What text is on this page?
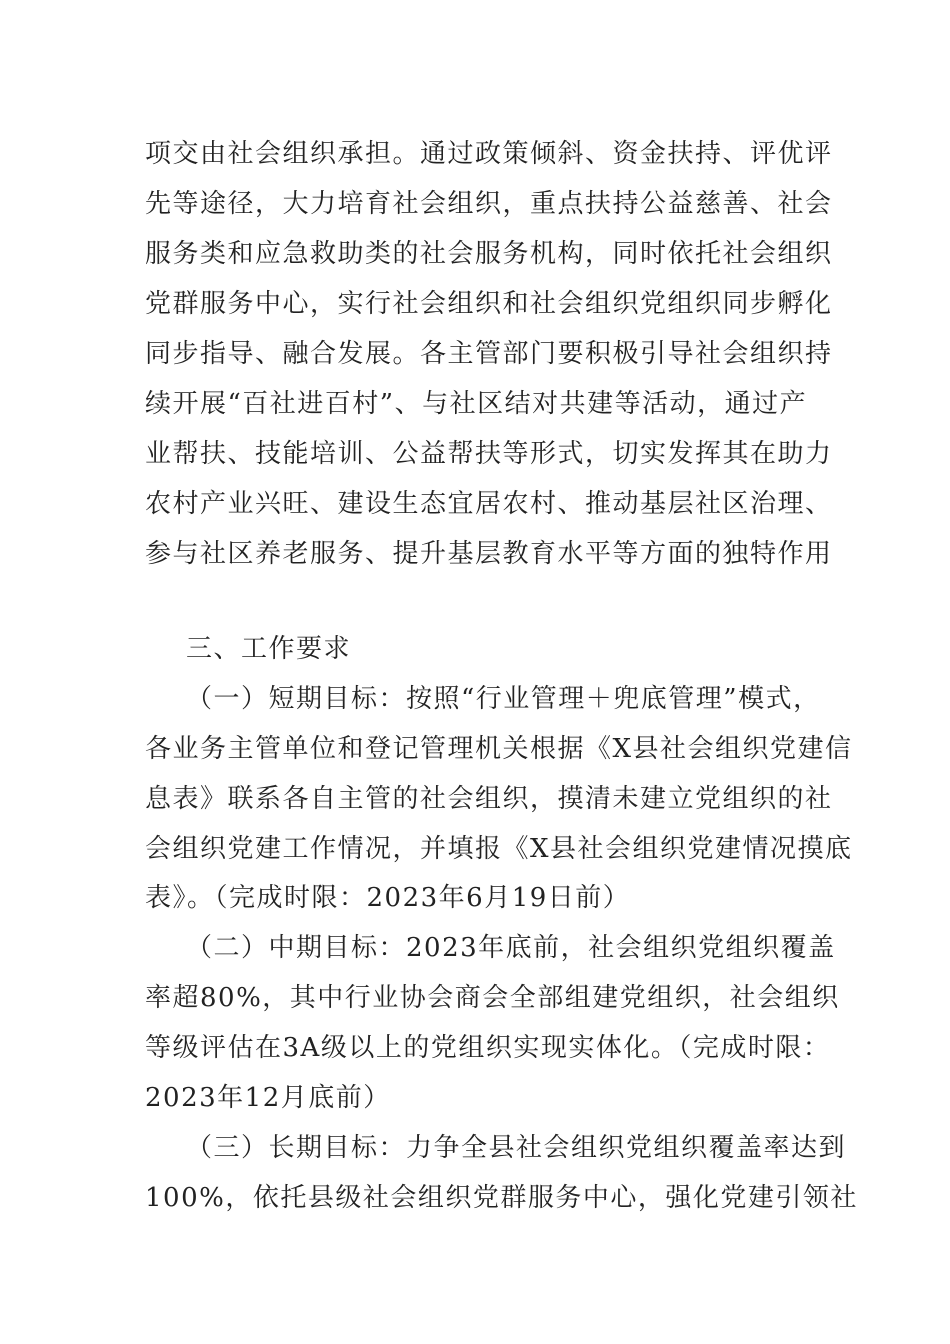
项交由社会组织承担。通过政策倾斜、资金扶持、评优评
先等途径，大力培育社会组织，重点扶持公益慈善、社会
服务类和应急救助类的社会服务机构，同时依托社会组织
党群服务中心，实行社会组织和社会组织党组织同步孵化
同步指导、融合发展。各主管部门要积极引导社会组织持
续开展“百社进百村”、与社区结对共建等活动，通过产
业帮扶、技能培训、公益帮扶等形式，切实发挥其在助力
农村产业兴旺、建设生态宜居农村、推动基层社区治理、
参与社区养老服务、提升基层教育水平等方面的独特作用
三、工作要求
（一）短期目标：按照“行业管理＋兜底管理”模式，
各业务主管单位和登记管理机关根据《X县社会组织党建信
息表》联系各自主管的社会组织，摸清未建立党组织的社
会组织党建工作情况，并填报《X县社会组织党建情况摸底
表》。（完成时限：2023年6月19日前）
（二）中期目标：2023年底前，社会组织党组织覆盖
率超80%，其中行业协会商会全部组建党组织，社会组织
等级评估在3A级以上的党组织实现实体化。（完成时限：
2023年12月底前）
（三）长期目标：力争全县社会组织党组织覆盖率达到
100%，依托县级社会组织党群服务中心，强化党建引领社
